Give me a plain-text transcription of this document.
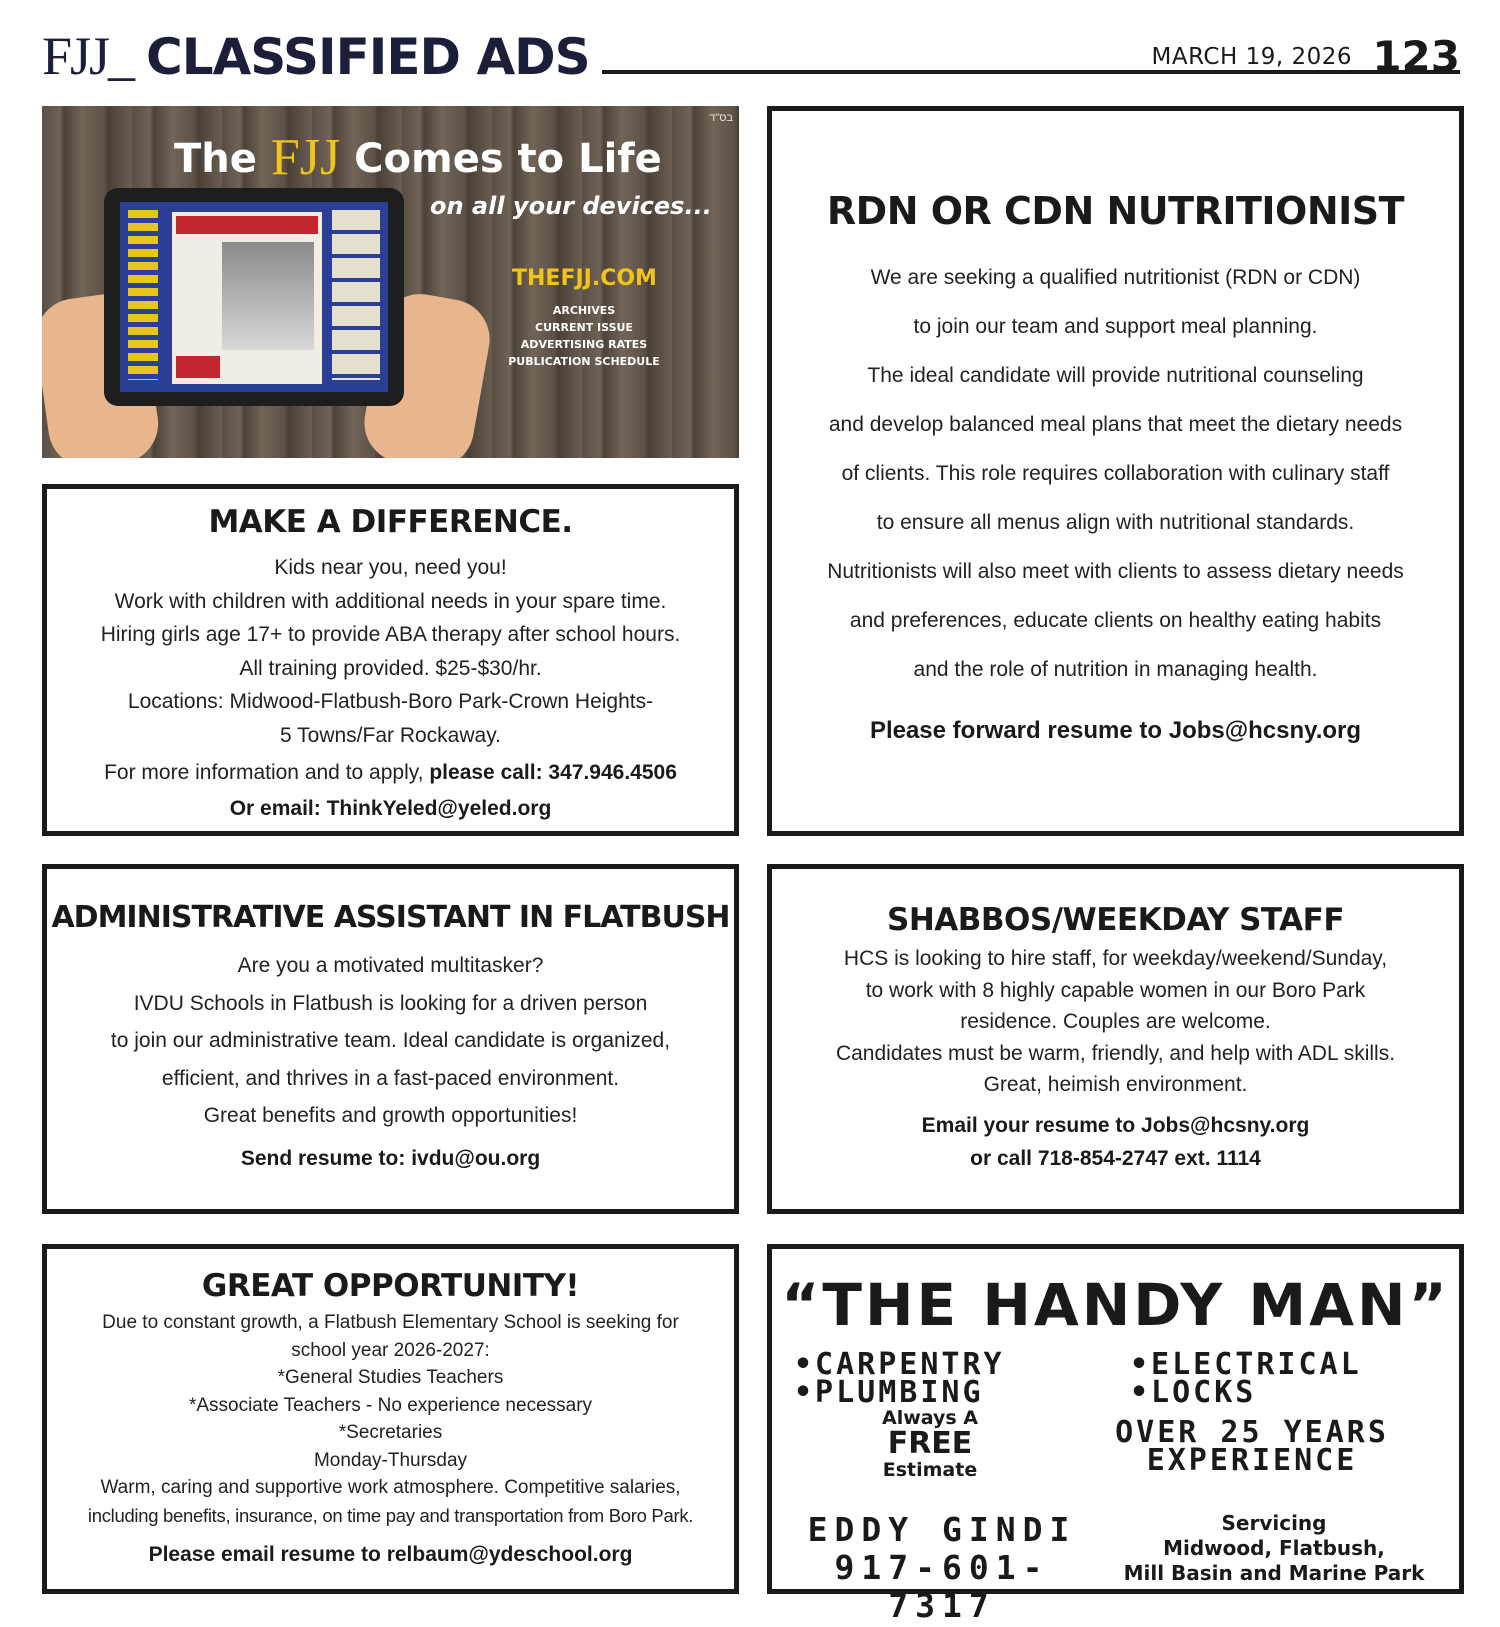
FJJ_ CLASSIFIED ADS	MARCH 19, 2026 123
בס"ד
The FJJ Comes to Life
on all your devices...
THEFJJ.COM
ARCHIVES
CURRENT ISSUE
ADVERTISING RATES
PUBLICATION SCHEDULE
MAKE A DIFFERENCE.
Kids near you, need you!
Work with children with additional needs in your spare time.
Hiring girls age 17+ to provide ABA therapy after school hours.
All training provided. $25-$30/hr.
Locations: Midwood-Flatbush-Boro Park-Crown Heights-
5 Towns/Far Rockaway.
For more information and to apply, please call: 347.946.4506
Or email: ThinkYeled@yeled.org
RDN OR CDN NUTRITIONIST
We are seeking a qualified nutritionist (RDN or CDN)
to join our team and support meal planning.
The ideal candidate will provide nutritional counseling
and develop balanced meal plans that meet the dietary needs
of clients. This role requires collaboration with culinary staff
to ensure all menus align with nutritional standards.
Nutritionists will also meet with clients to assess dietary needs
and preferences, educate clients on healthy eating habits
and the role of nutrition in managing health.
Please forward resume to Jobs@hcsny.org
ADMINISTRATIVE ASSISTANT IN FLATBUSH
Are you a motivated multitasker?
IVDU Schools in Flatbush is looking for a driven person
to join our administrative team. Ideal candidate is organized,
efficient, and thrives in a fast-paced environment.
Great benefits and growth opportunities!
Send resume to: ivdu@ou.org
SHABBOS/WEEKDAY STAFF
HCS is looking to hire staff, for weekday/weekend/Sunday,
to work with 8 highly capable women in our Boro Park
residence. Couples are welcome.
Candidates must be warm, friendly, and help with ADL skills.
Great, heimish environment.
Email your resume to Jobs@hcsny.org
or call 718-854-2747 ext. 1114
GREAT OPPORTUNITY!
Due to constant growth, a Flatbush Elementary School is seeking for
school year 2026-2027:
*General Studies Teachers
*Associate Teachers - No experience necessary
*Secretaries
Monday-Thursday
Warm, caring and supportive work atmosphere. Competitive salaries,
including benefits, insurance, on time pay and transportation from Boro Park.
Please email resume to relbaum@ydeschool.org
“THE HANDY MAN”
•CARPENTRY	•ELECTRICAL
•PLUMBING	•LOCKS
Always A
FREE
Estimate
OVER 25 YEARS
EXPERIENCE
EDDY GINDI
917-601-7317
Servicing
Midwood, Flatbush,
Mill Basin and Marine Park
